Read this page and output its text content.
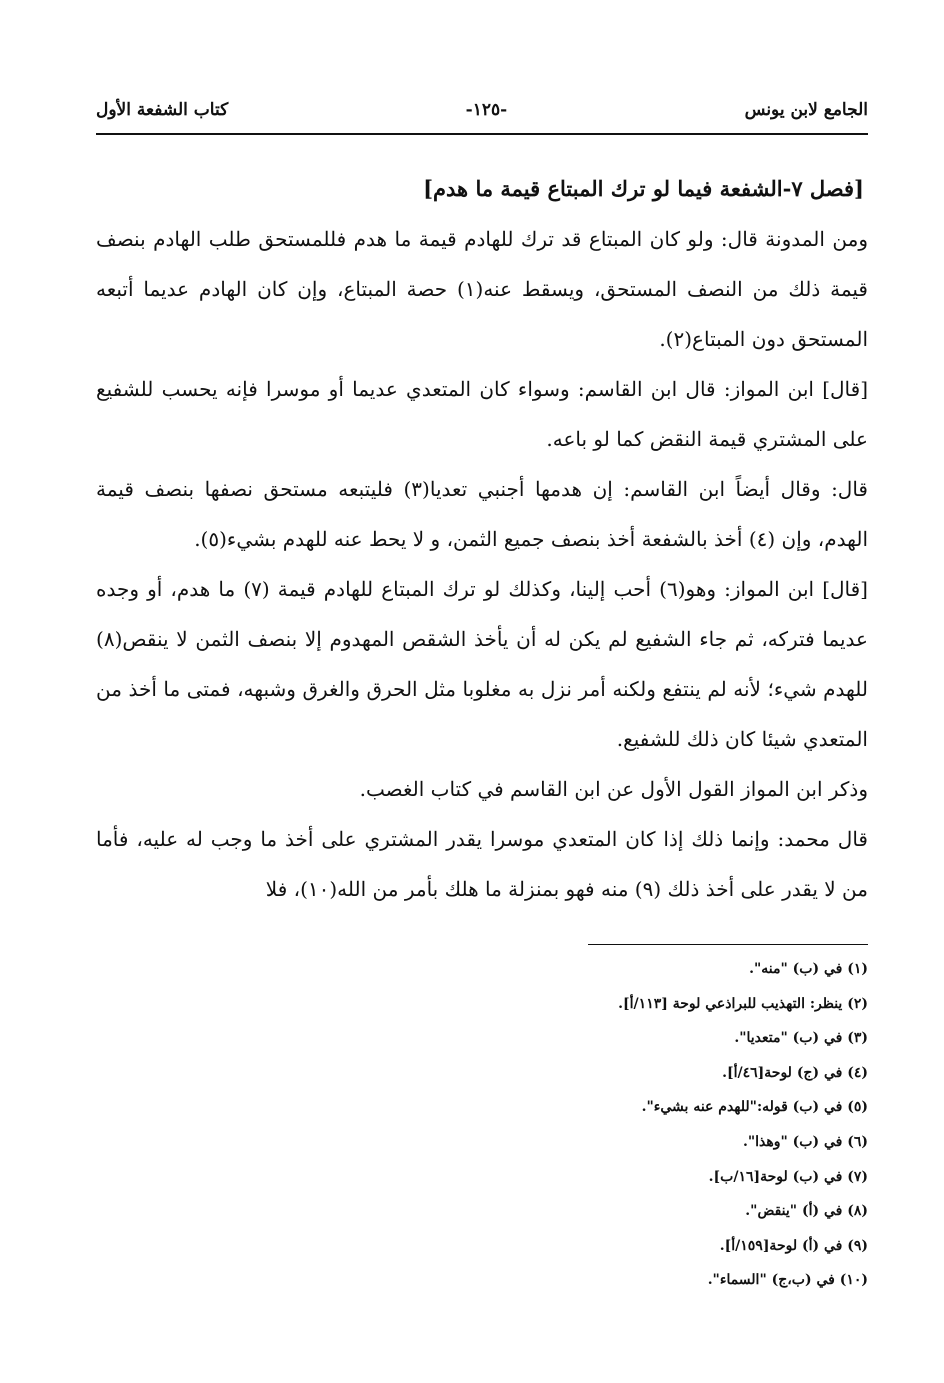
الجامع لابن يونس
-١٢٥-
كتاب الشفعة الأول

[فصل ٧-الشفعة فيما لو ترك المبتاع قيمة ما هدم]

ومن المدونة قال: ولو كان المبتاع قد ترك للهادم قيمة ما هدم فللمستحق طلب الهادم بنصف قيمة ذلك من النصف المستحق، ويسقط عنه(١) حصة المبتاع، وإن كان الهادم عديما أتبعه المستحق دون المبتاع(٢).

[قال] ابن المواز: قال ابن القاسم: وسواء كان المتعدي عديما أو موسرا فإنه يحسب للشفيع على المشتري قيمة النقض كما لو باعه.

قال: وقال أيضاً ابن القاسم: إن هدمها أجنبي تعديا(٣) فليتبعه مستحق نصفها بنصف قيمة الهدم، وإن (٤) أخذ بالشفعة أخذ بنصف جميع الثمن، و لا يحط عنه للهدم بشيء(٥).

[قال] ابن المواز: وهو(٦) أحب إلينا، وكذلك لو ترك المبتاع للهادم قيمة (٧) ما هدم، أو وجده عديما فتركه، ثم جاء الشفيع لم يكن له أن يأخذ الشقص المهدوم إلا بنصف الثمن لا ينقص(٨) للهدم شيء؛ لأنه لم ينتفع ولكنه أمر نزل به مغلوبا مثل الحرق والغرق وشبهه، فمتى ما أخذ من المتعدي شيئا كان ذلك للشفيع.

وذكر ابن المواز القول الأول عن ابن القاسم في كتاب الغصب.

قال محمد: وإنما ذلك إذا كان المتعدي موسرا يقدر المشتري على أخذ ما وجب له عليه، فأما من لا يقدر على أخذ ذلك (٩) منه فهو بمنزلة ما هلك بأمر من الله(١٠)، فلا

(١) في (ب) "منه".
(٢) ينظر: التهذيب للبراذعي لوحة [١١٣/أ].
(٣) في (ب) "متعديا".
(٤) في (ج) لوحة[٤٦/أ].
(٥) في (ب) قوله:"للهدم عنه بشيء".
(٦) في (ب) "وهذا".
(٧) في (ب) لوحة[١٦/ب].
(٨) في (أ) "ينقض".
(٩) في (أ) لوحة[١٥٩/أ].
(١٠) في (ب،ج) "السماء".
